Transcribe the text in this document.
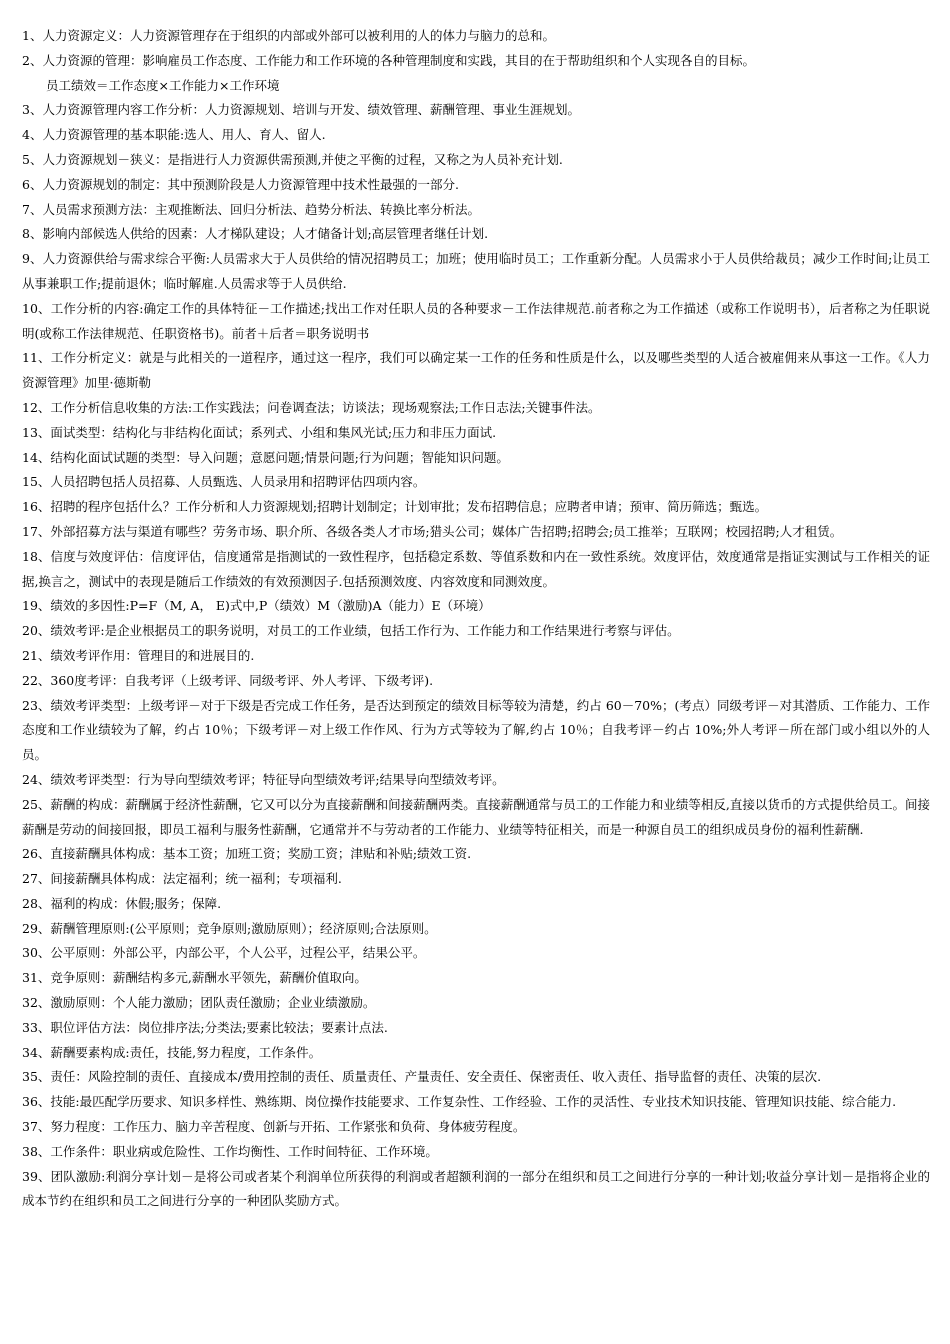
1、人力资源定义：人力资源管理存在于组织的内部或外部可以被利用的人的体力与脑力的总和。

2、人力资源的管理：影响雇员工作态度、工作能力和工作环境的各种管理制度和实践，其目的在于帮助组织和个人实现各自的目标。

员工绩效＝工作态度×工作能力×工作环境

3、人力资源管理内容工作分析：人力资源规划、培训与开发、绩效管理、薪酬管理、事业生涯规划。

4、人力资源管理的基本职能:选人、用人、育人、留人.

5、人力资源规划－狭义：是指进行人力资源供需预测,并使之平衡的过程，又称之为人员补充计划.

6、人力资源规划的制定：其中预测阶段是人力资源管理中技术性最强的一部分.

7、人员需求预测方法：主观推断法、回归分析法、趋势分析法、转换比率分析法。

8、影响内部候选人供给的因素：人才梯队建设；人才储备计划;高层管理者继任计划.

9、人力资源供给与需求综合平衡:人员需求大于人员供给的情况招聘员工；加班；使用临时员工；工作重新分配。人员需求小于人员供给裁员；减少工作时间;让员工从事兼职工作;提前退休；临时解雇.人员需求等于人员供给.

10、工作分析的内容:确定工作的具体特征－工作描述;找出工作对任职人员的各种要求－工作法律规范.前者称之为工作描述（或称工作说明书），后者称之为任职说明(或称工作法律规范、任职资格书)。前者＋后者＝职务说明书

11、工作分析定义：就是与此相关的一道程序，通过这一程序，我们可以确定某一工作的任务和性质是什么，以及哪些类型的人适合被雇佣来从事这一工作。《人力资源管理》加里·德斯勒

12、工作分析信息收集的方法:工作实践法；问卷调查法；访谈法；现场观察法;工作日志法;关键事件法。

13、面试类型：结构化与非结构化面试；系列式、小组和集风光试;压力和非压力面试.

14、结构化面试试题的类型：导入问题；意愿问题;情景问题;行为问题；智能知识问题。

15、人员招聘包括人员招募、人员甄选、人员录用和招聘评估四项内容。

16、招聘的程序包括什么？工作分析和人力资源规划;招聘计划制定；计划审批；发布招聘信息；应聘者申请；预审、简历筛选；甄选。

17、外部招募方法与渠道有哪些？劳务市场、职介所、各级各类人才市场;猎头公司；媒体广告招聘;招聘会;员工推举；互联网；校园招聘;人才租赁。

18、信度与效度评估：信度评估，信度通常是指测试的一致性程序，包括稳定系数、等值系数和内在一致性系统。效度评估，效度通常是指证实测试与工作相关的证据,换言之，测试中的表现是随后工作绩效的有效预测因子.包括预测效度、内容效度和同测效度。

19、绩效的多因性:P=F（M, A， E)式中,P（绩效）M（激励)A（能力）E（环境）

20、绩效考评:是企业根据员工的职务说明，对员工的工作业绩，包括工作行为、工作能力和工作结果进行考察与评估。

21、绩效考评作用：管理目的和进展目的.

22、360度考评：自我考评（上级考评、同级考评、外人考评、下级考评).

23、绩效考评类型：上级考评－对于下级是否完成工作任务，是否达到预定的绩效目标等较为清楚，约占 60－70%；(考点）同级考评－对其潜质、工作能力、工作态度和工作业绩较为了解，约占 10％；下级考评－对上级工作作风、行为方式等较为了解,约占 10％；自我考评－约占 10%;外人考评－所在部门或小组以外的人员。

24、绩效考评类型：行为导向型绩效考评；特征导向型绩效考评;结果导向型绩效考评。

25、薪酬的构成：薪酬属于经济性薪酬，它又可以分为直接薪酬和间接薪酬两类。直接薪酬通常与员工的工作能力和业绩等相反,直接以货币的方式提供给员工。间接薪酬是劳动的间接回报，即员工福利与服务性薪酬，它通常并不与劳动者的工作能力、业绩等特征相关，而是一种源自员工的组织成员身份的福利性薪酬.

26、直接薪酬具体构成：基本工资；加班工资；奖励工资；津贴和补贴;绩效工资.

27、间接薪酬具体构成：法定福利；统一福利；专项福利.

28、福利的构成：休假;服务；保障.

29、薪酬管理原则:(公平原则；竞争原则;激励原则）；经济原则;合法原则。

30、公平原则：外部公平，内部公平，个人公平，过程公平，结果公平。

31、竞争原则：薪酬结构多元,薪酬水平领先，薪酬价值取向。

32、激励原则：个人能力激励；团队责任激励；企业业绩激励。

33、职位评估方法：岗位排序法;分类法;要素比较法；要素计点法.

34、薪酬要素构成:责任，技能,努力程度，工作条件。

35、责任：风险控制的责任、直接成本/费用控制的责任、质量责任、产量责任、安全责任、保密责任、收入责任、指导监督的责任、决策的层次.

36、技能:最匹配学历要求、知识多样性、熟练期、岗位操作技能要求、工作复杂性、工作经验、工作的灵活性、专业技术知识技能、管理知识技能、综合能力.

37、努力程度：工作压力、脑力辛苦程度、创新与开拓、工作紧张和负荷、身体疲劳程度。

38、工作条件：职业病或危险性、工作均衡性、工作时间特征、工作环境。

39、团队激励:利润分享计划－是将公司或者某个利润单位所获得的利润或者超额利润的一部分在组织和员工之间进行分享的一种计划;收益分享计划－是指将企业的成本节约在组织和员工之间进行分享的一种团队奖励方式。
